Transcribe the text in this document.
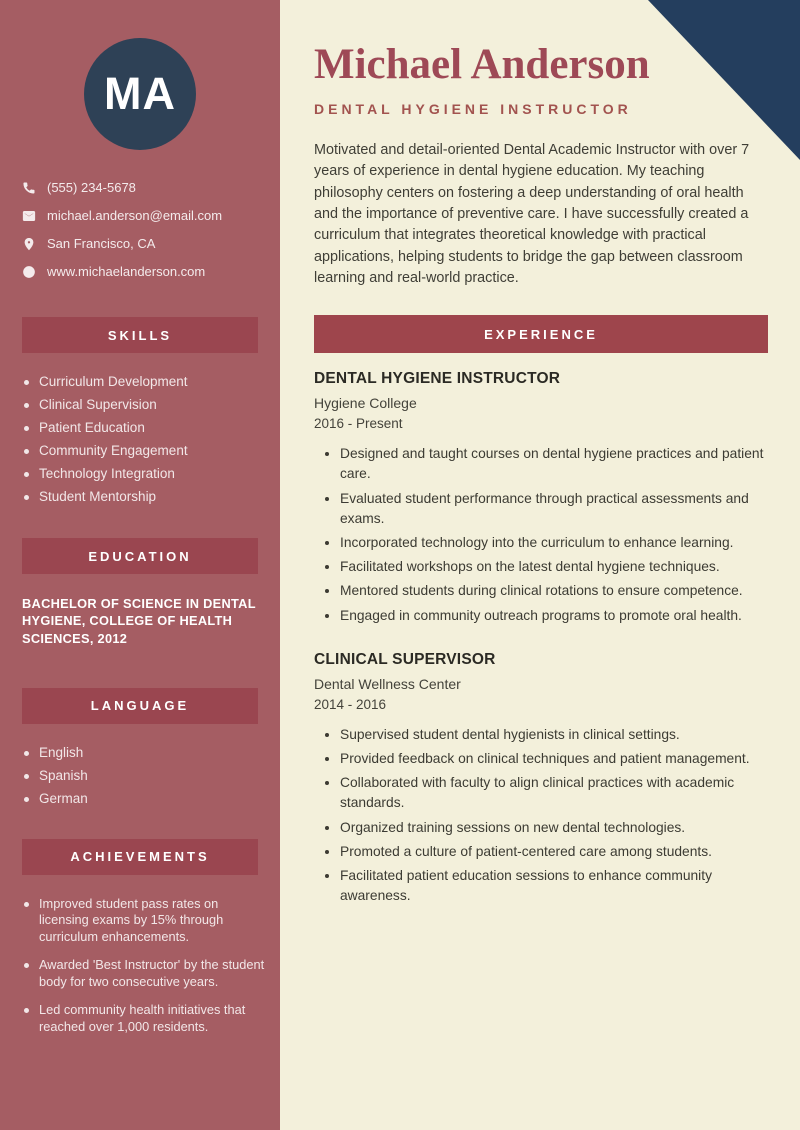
MA
(555) 234-5678
michael.anderson@email.com
San Francisco, CA
www.michaelanderson.com
SKILLS
Curriculum Development
Clinical Supervision
Patient Education
Community Engagement
Technology Integration
Student Mentorship
EDUCATION

BACHELOR OF SCIENCE IN DENTAL HYGIENE, COLLEGE OF HEALTH SCIENCES, 2012

LANGUAGE
English
Spanish
German
ACHIEVEMENTS
Improved student pass rates on licensing exams by 15% through curriculum enhancements.
Awarded 'Best Instructor' by the student body for two consecutive years.
Led community health initiatives that reached over 1,000 residents.
Michael Anderson
DENTAL HYGIENE INSTRUCTOR

Motivated and detail-oriented Dental Academic Instructor with over 7 years of experience in dental hygiene education. My teaching philosophy centers on fostering a deep understanding of oral health and the importance of preventive care. I have successfully created a curriculum that integrates theoretical knowledge with practical applications, helping students to bridge the gap between classroom learning and real-world practice.

EXPERIENCE
DENTAL HYGIENE INSTRUCTOR
Hygiene College
2016 - Present
• Designed and taught courses on dental hygiene practices and patient care.
• Evaluated student performance through practical assessments and exams.
• Incorporated technology into the curriculum to enhance learning.
• Facilitated workshops on the latest dental hygiene techniques.
• Mentored students during clinical rotations to ensure competence.
• Engaged in community outreach programs to promote oral health.
CLINICAL SUPERVISOR
Dental Wellness Center
2014 - 2016
• Supervised student dental hygienists in clinical settings.
• Provided feedback on clinical techniques and patient management.
• Collaborated with faculty to align clinical practices with academic standards.
• Organized training sessions on new dental technologies.
• Promoted a culture of patient-centered care among students.
• Facilitated patient education sessions to enhance community awareness.
